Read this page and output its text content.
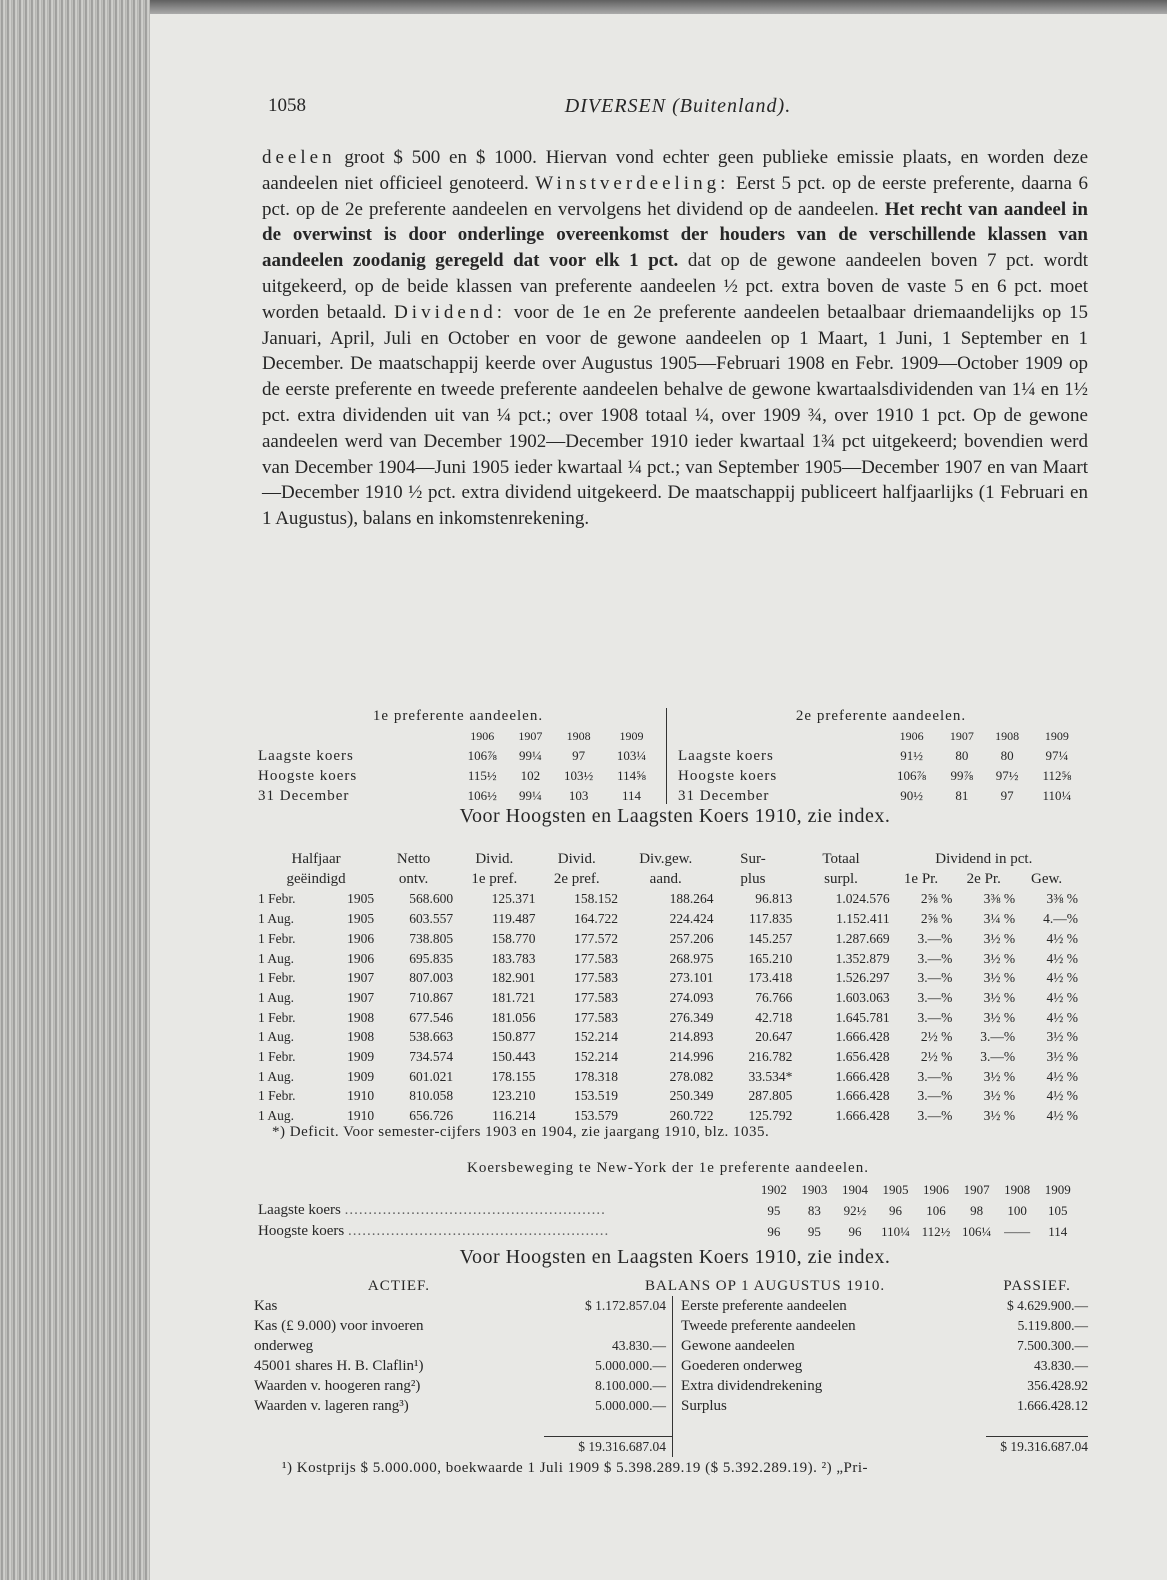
1058	DIVERSEN (Buitenland).

deelen groot $ 500 en $ 1000. Hiervan vond echter geen publieke emissie plaats, en worden deze aandeelen niet officieel genoteerd. Winstverdeeling: Eerst 5 pct. op de eerste preferente, daarna 6 pct. op de 2e preferente aandeelen en vervolgens het dividend op de aandeelen. Het recht van aandeel in de overwinst is door onderlinge overeenkomst der houders van de verschillende klassen van aandeelen zoodanig geregeld dat voor elk 1 pct. dat op de gewone aandeelen boven 7 pct. wordt uitgekeerd, op de beide klassen van preferente aandeelen ½ pct. extra boven de vaste 5 en 6 pct. moet worden betaald. Dividend: voor de 1e en 2e preferente aandeelen betaalbaar driemaandelijks op 15 Januari, April, Juli en October en voor de gewone aandeelen op 1 Maart, 1 Juni, 1 September en 1 December. De maatschappij keerde over Augustus 1905—Februari 1908 en Febr. 1909—October 1909 op de eerste preferente en tweede preferente aandeelen behalve de gewone kwartaalsdividenden van 1¼ en 1½ pct. extra dividenden uit van ¼ pct.; over 1908 totaal ¼, over 1909 ¾, over 1910 1 pct. Op de gewone aandeelen werd van December 1902—December 1910 ieder kwartaal 1¾ pct uitgekeerd; bovendien werd van December 1904—Juni 1905 ieder kwartaal ¼ pct.; van September 1905—December 1907 en van Maart—December 1910 ½ pct. extra dividend uitgekeerd. De maatschappij publiceert halfjaarlijks (1 Februari en 1 Augustus), balans en inkomstenrekening.

1e preferente aandeelen.				
	1906	1907	1908	1909
Laagste koers	106⅞	99¼	97	103¼
Hoogste koers	115½	102	103½	114⅝
31 December	106½	99¼	103	114
2e preferente aandeelen.				
	1906	1907	1908	1909
Laagste koers	91½	80	80	97¼
Hoogste koers	106⅞	99⅞	97½	112⅝
31 December	90½	81	97	110¼
Voor Hoogsten en Laagsten Koers 1910, zie index.
Halfjaar		Netto	Divid.	Divid.	Div.gew.	Sur-	Totaal	Dividend in pct.		
geëindigd		ontv.	1e pref.	2e pref.	aand.	plus	surpl.	1e Pr.	2e Pr.	Gew.
1 Febr.	1905	568.600	125.371	158.152	188.264	96.813	1.024.576	2⅝ %	3⅜ %	3⅜ %
1 Aug.	1905	603.557	119.487	164.722	224.424	117.835	1.152.411	2⅝ %	3¼ %	4.—%
1 Febr.	1906	738.805	158.770	177.572	257.206	145.257	1.287.669	3.—%	3½ %	4½ %
1 Aug.	1906	695.835	183.783	177.583	268.975	165.210	1.352.879	3.—%	3½ %	4½ %
1 Febr.	1907	807.003	182.901	177.583	273.101	173.418	1.526.297	3.—%	3½ %	4½ %
1 Aug.	1907	710.867	181.721	177.583	274.093	76.766	1.603.063	3.—%	3½ %	4½ %
1 Febr.	1908	677.546	181.056	177.583	276.349	42.718	1.645.781	3.—%	3½ %	4½ %
1 Aug.	1908	538.663	150.877	152.214	214.893	20.647	1.666.428	2½ %	3.—%	3½ %
1 Febr.	1909	734.574	150.443	152.214	214.996	216.782	1.656.428	2½ %	3.—%	3½ %
1 Aug.	1909	601.021	178.155	178.318	278.082	33.534*	1.666.428	3.—%	3½ %	4½ %
1 Febr.	1910	810.058	123.210	153.519	250.349	287.805	1.666.428	3.—%	3½ %	4½ %
1 Aug.	1910	656.726	116.214	153.579	260.722	125.792	1.666.428	3.—%	3½ %	4½ %
*) Deficit. Voor semester-cijfers 1903 en 1904, zie jaargang 1910, blz. 1035.
Koersbeweging te New-York der 1e preferente aandeelen.								
	1902	1903	1904	1905	1906	1907	1908	1909
Laagste koers .......................................................	95	83	92½	96	106	98	100	105
Hoogste koers .......................................................	96	95	96	110¼	112½	106¼	——	114
Voor Hoogsten en Laagsten Koers 1910, zie index.
ACTIEF.	BALANS OP 1 AUGUSTUS 1910.		PASSIEF.
Kas	$ 1.172.857.04	Eerste preferente aandeelen	$ 4.629.900.—
Kas (£ 9.000) voor invoeren		Tweede preferente aandeelen	5.119.800.—
onderweg	43.830.—	Gewone aandeelen	7.500.300.—
45001 shares H. B. Claflin¹)	5.000.000.—	Goederen onderweg	43.830.—
Waarden v. hoogeren rang²)	8.100.000.—	Extra dividendrekening	356.428.92
Waarden v. lageren rang³)	5.000.000.—	Surplus	1.666.428.12

	$ 19.316.687.04		$ 19.316.687.04
¹) Kostprijs $ 5.000.000, boekwaarde 1 Juli 1909 $ 5.398.289.19 ($ 5.392.289.19). ²) „Pri-
